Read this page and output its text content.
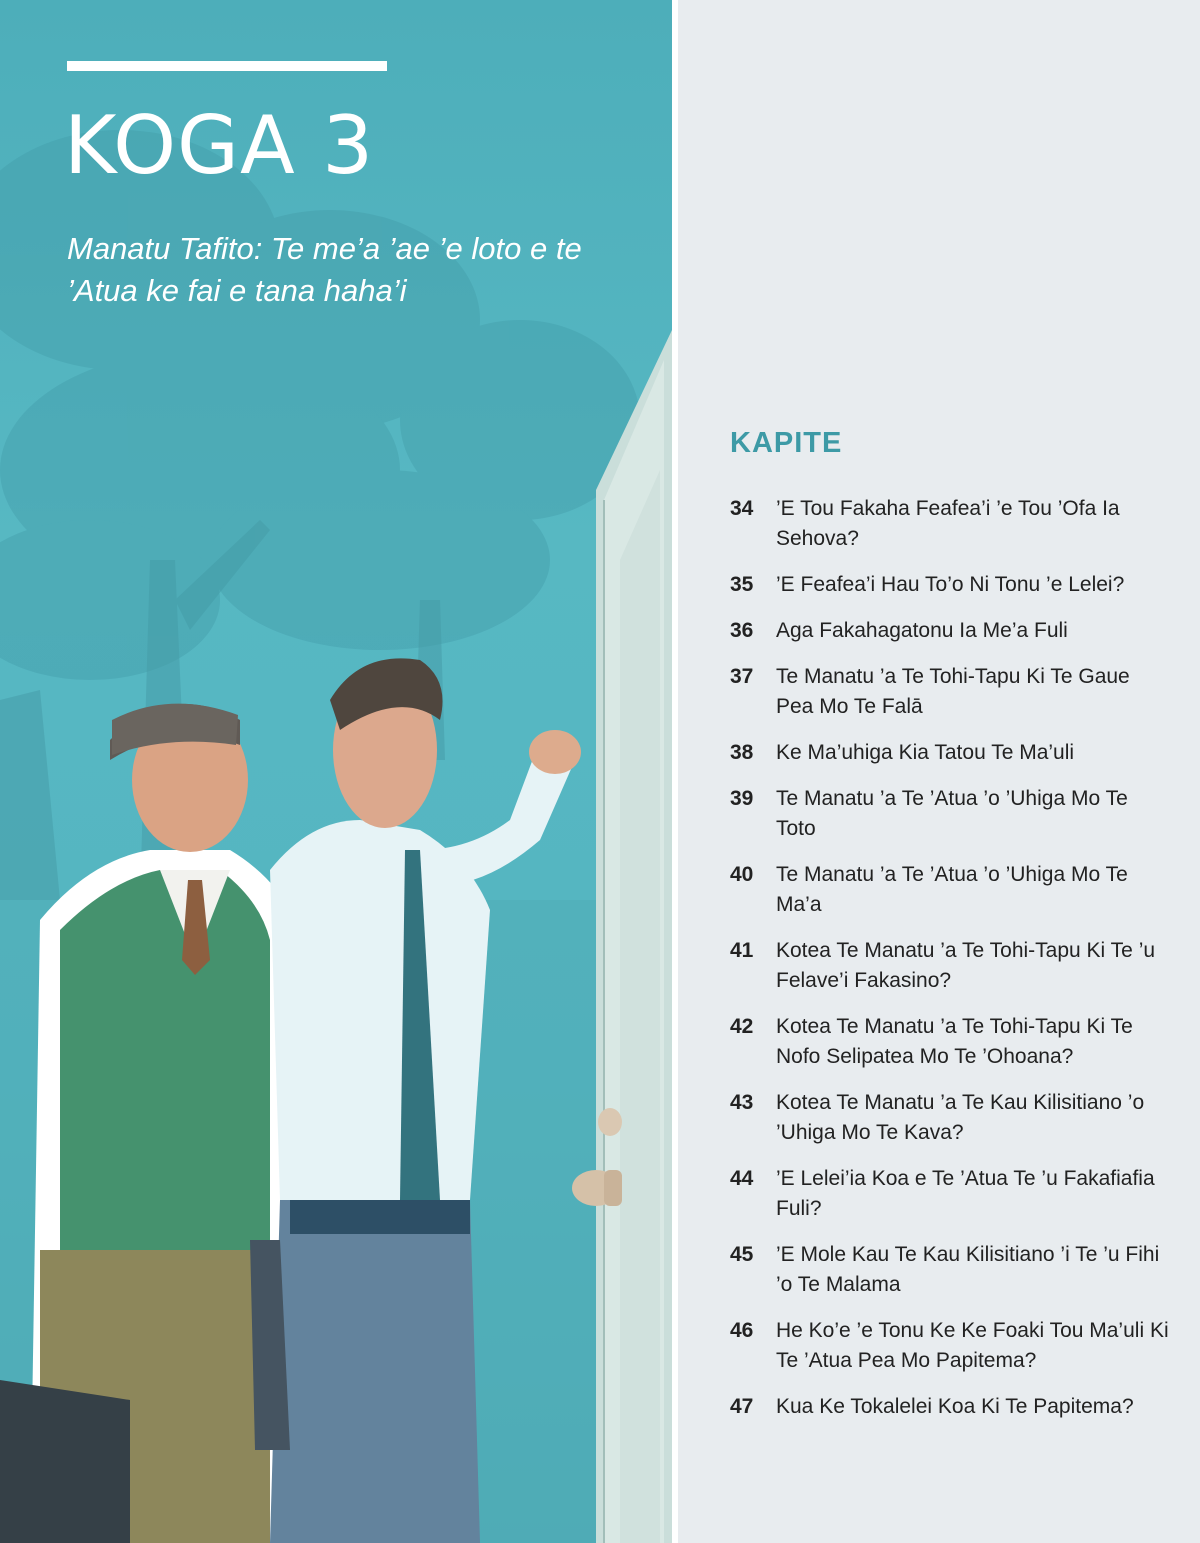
KOGA 3

Manatu Tafito: Te me’a ’ae ’e loto e te ’Atua ke fai e tana haha’i

KAPITE
34	’E Tou Fakaha Feafea’i ’e Tou ’Ofa Ia Sehova?
35	’E Feafea’i Hau To’o Ni Tonu ’e Lelei?
36	Aga Fakahagatonu Ia Me’a Fuli
37	Te Manatu ’a Te Tohi-Tapu Ki Te Gaue Pea Mo Te Falā
38	Ke Ma’uhiga Kia Tatou Te Ma’uli
39	Te Manatu ’a Te ’Atua ’o ’Uhiga Mo Te Toto
40	Te Manatu ’a Te ’Atua ’o ’Uhiga Mo Te Ma’a
41	Kotea Te Manatu ’a Te Tohi-Tapu Ki Te ’u Felave’i Fakasino?
42	Kotea Te Manatu ’a Te Tohi-Tapu Ki Te Nofo Selipatea Mo Te ’Ohoana?
43	Kotea Te Manatu ’a Te Kau Kilisitiano ’o ’Uhiga Mo Te Kava?
44	’E Lelei’ia Koa e Te ’Atua Te ’u Fakafiafia Fuli?
45	’E Mole Kau Te Kau Kilisitiano ’i Te ’u Fihi ’o Te Malama
46	He Ko’e ’e Tonu Ke Ke Foaki Tou Ma’uli Ki Te ’Atua Pea Mo Papitema?
47	Kua Ke Tokalelei Koa Ki Te Papitema?
